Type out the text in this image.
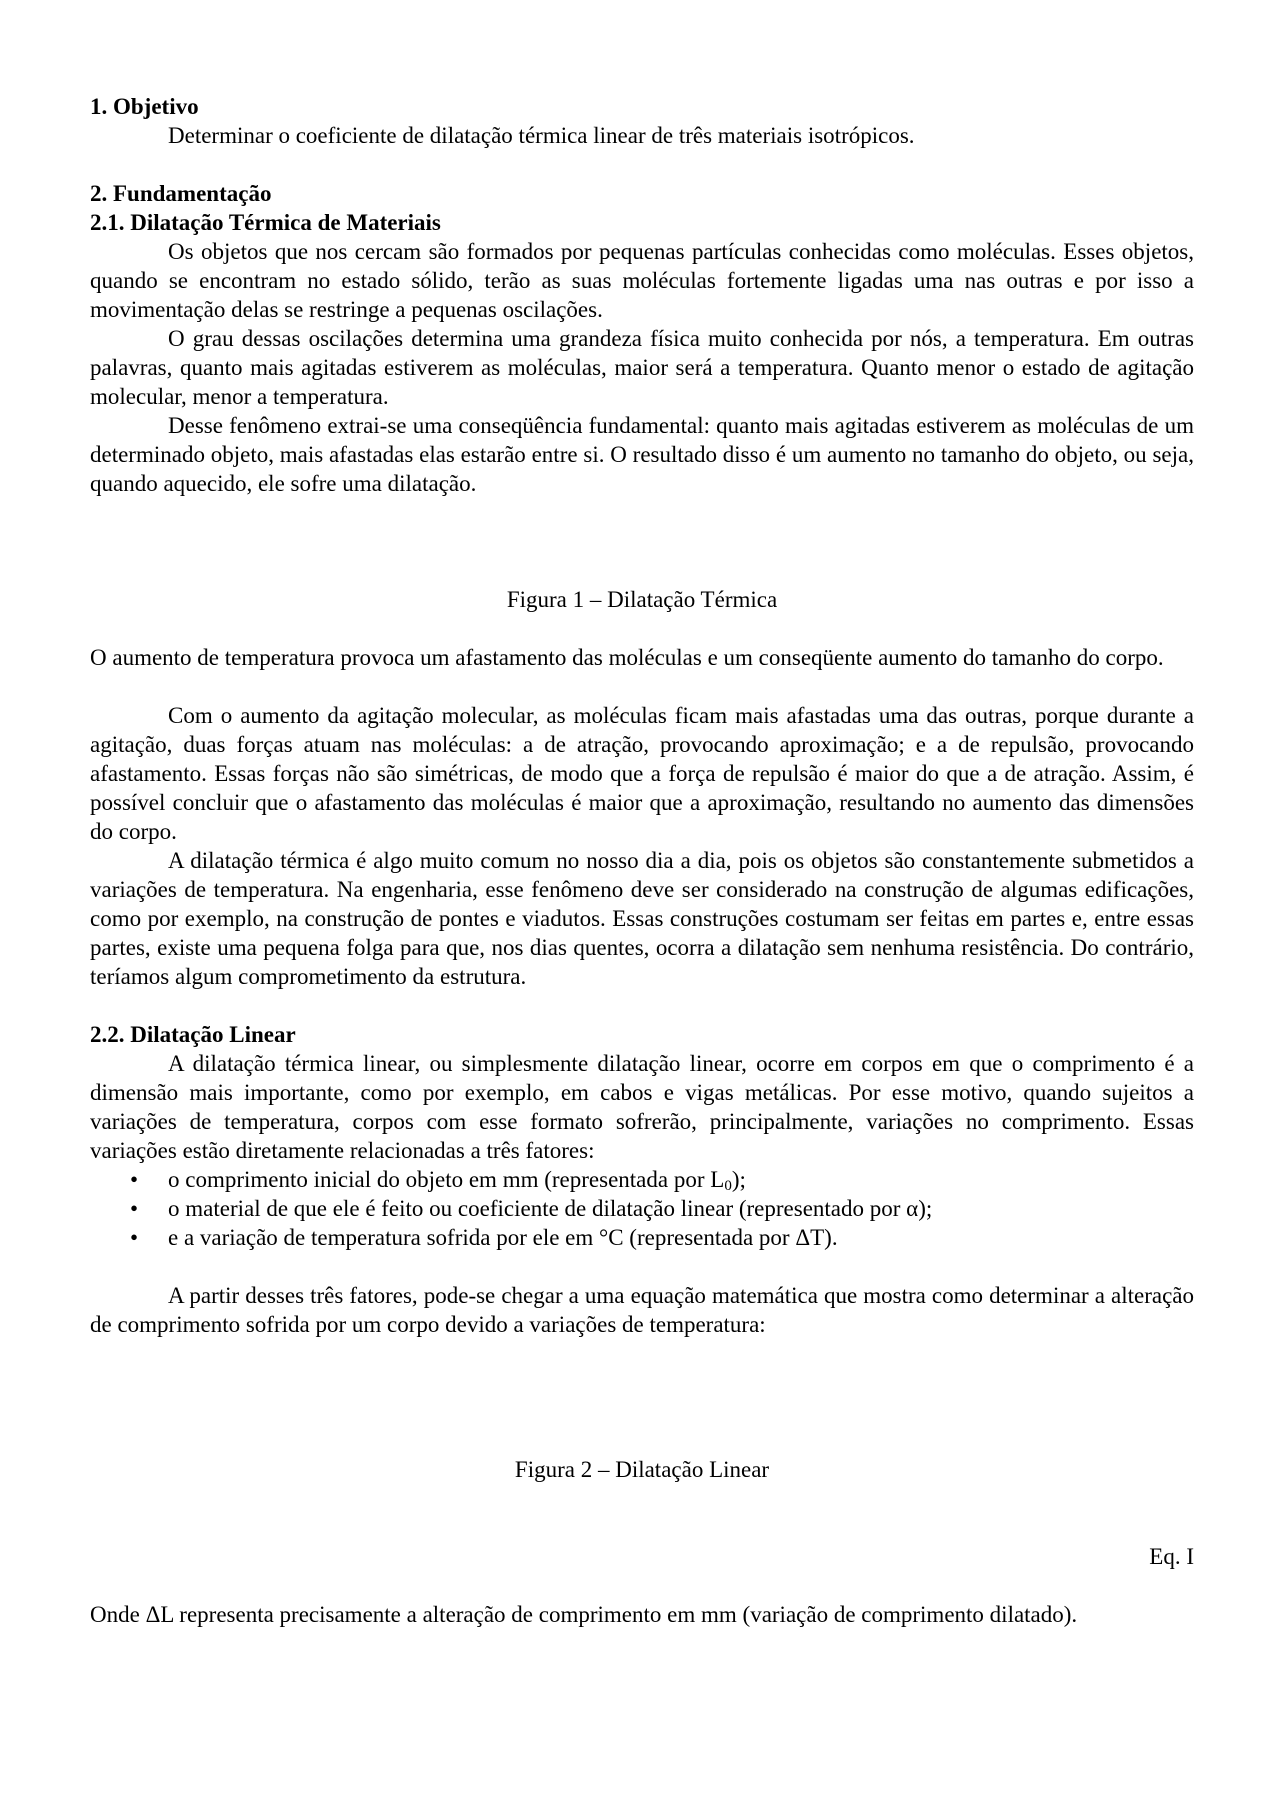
1. Objetivo

Determinar o coeficiente de dilatação térmica linear de três materiais isotrópicos.

2. Fundamentação
2.1. Dilatação Térmica de Materiais

Os objetos que nos cercam são formados por pequenas partículas conhecidas como moléculas. Esses objetos, quando se encontram no estado sólido, terão as suas moléculas fortemente ligadas uma nas outras e por isso a movimentação delas se restringe a pequenas oscilações.

O grau dessas oscilações determina uma grandeza física muito conhecida por nós, a temperatura. Em outras palavras, quanto mais agitadas estiverem as moléculas, maior será a temperatura. Quanto menor o estado de agitação molecular, menor a temperatura.

Desse fenômeno extrai-se uma conseqüência fundamental: quanto mais agitadas estiverem as moléculas de um determinado objeto, mais afastadas elas estarão entre si. O resultado disso é um aumento no tamanho do objeto, ou seja, quando aquecido, ele sofre uma dilatação.

Figura 1 – Dilatação Térmica

O aumento de temperatura provoca um afastamento das moléculas e um conseqüente aumento do tamanho do corpo.

Com o aumento da agitação molecular, as moléculas ficam mais afastadas uma das outras, porque durante a agitação, duas forças atuam nas moléculas: a de atração, provocando aproximação; e a de repulsão, provocando afastamento. Essas forças não são simétricas, de modo que a força de repulsão é maior do que a de atração. Assim, é possível concluir que o afastamento das moléculas é maior que a aproximação, resultando no aumento das dimensões do corpo.

A dilatação térmica é algo muito comum no nosso dia a dia, pois os objetos são constantemente submetidos a variações de temperatura. Na engenharia, esse fenômeno deve ser considerado na construção de algumas edificações, como por exemplo, na construção de pontes e viadutos. Essas construções costumam ser feitas em partes e, entre essas partes, existe uma pequena folga para que, nos dias quentes, ocorra a dilatação sem nenhuma resistência. Do contrário, teríamos algum comprometimento da estrutura.

2.2. Dilatação Linear

A dilatação térmica linear, ou simplesmente dilatação linear, ocorre em corpos em que o comprimento é a dimensão mais importante, como por exemplo, em cabos e vigas metálicas. Por esse motivo, quando sujeitos a variações de temperatura, corpos com esse formato sofrerão, principalmente, variações no comprimento. Essas variações estão diretamente relacionadas a três fatores:

• o comprimento inicial do objeto em mm (representada por $L_0$);
• o material de que ele é feito ou coeficiente de dilatação linear (representado por α);
• e a variação de temperatura sofrida por ele em °C (representada por ΔT).

A partir desses três fatores, pode-se chegar a uma equação matemática que mostra como determinar a alteração de comprimento sofrida por um corpo devido a variações de temperatura:

Figura 2 – Dilatação Linear

Eq. I

Onde ΔL representa precisamente a alteração de comprimento em mm (variação de comprimento dilatado).
